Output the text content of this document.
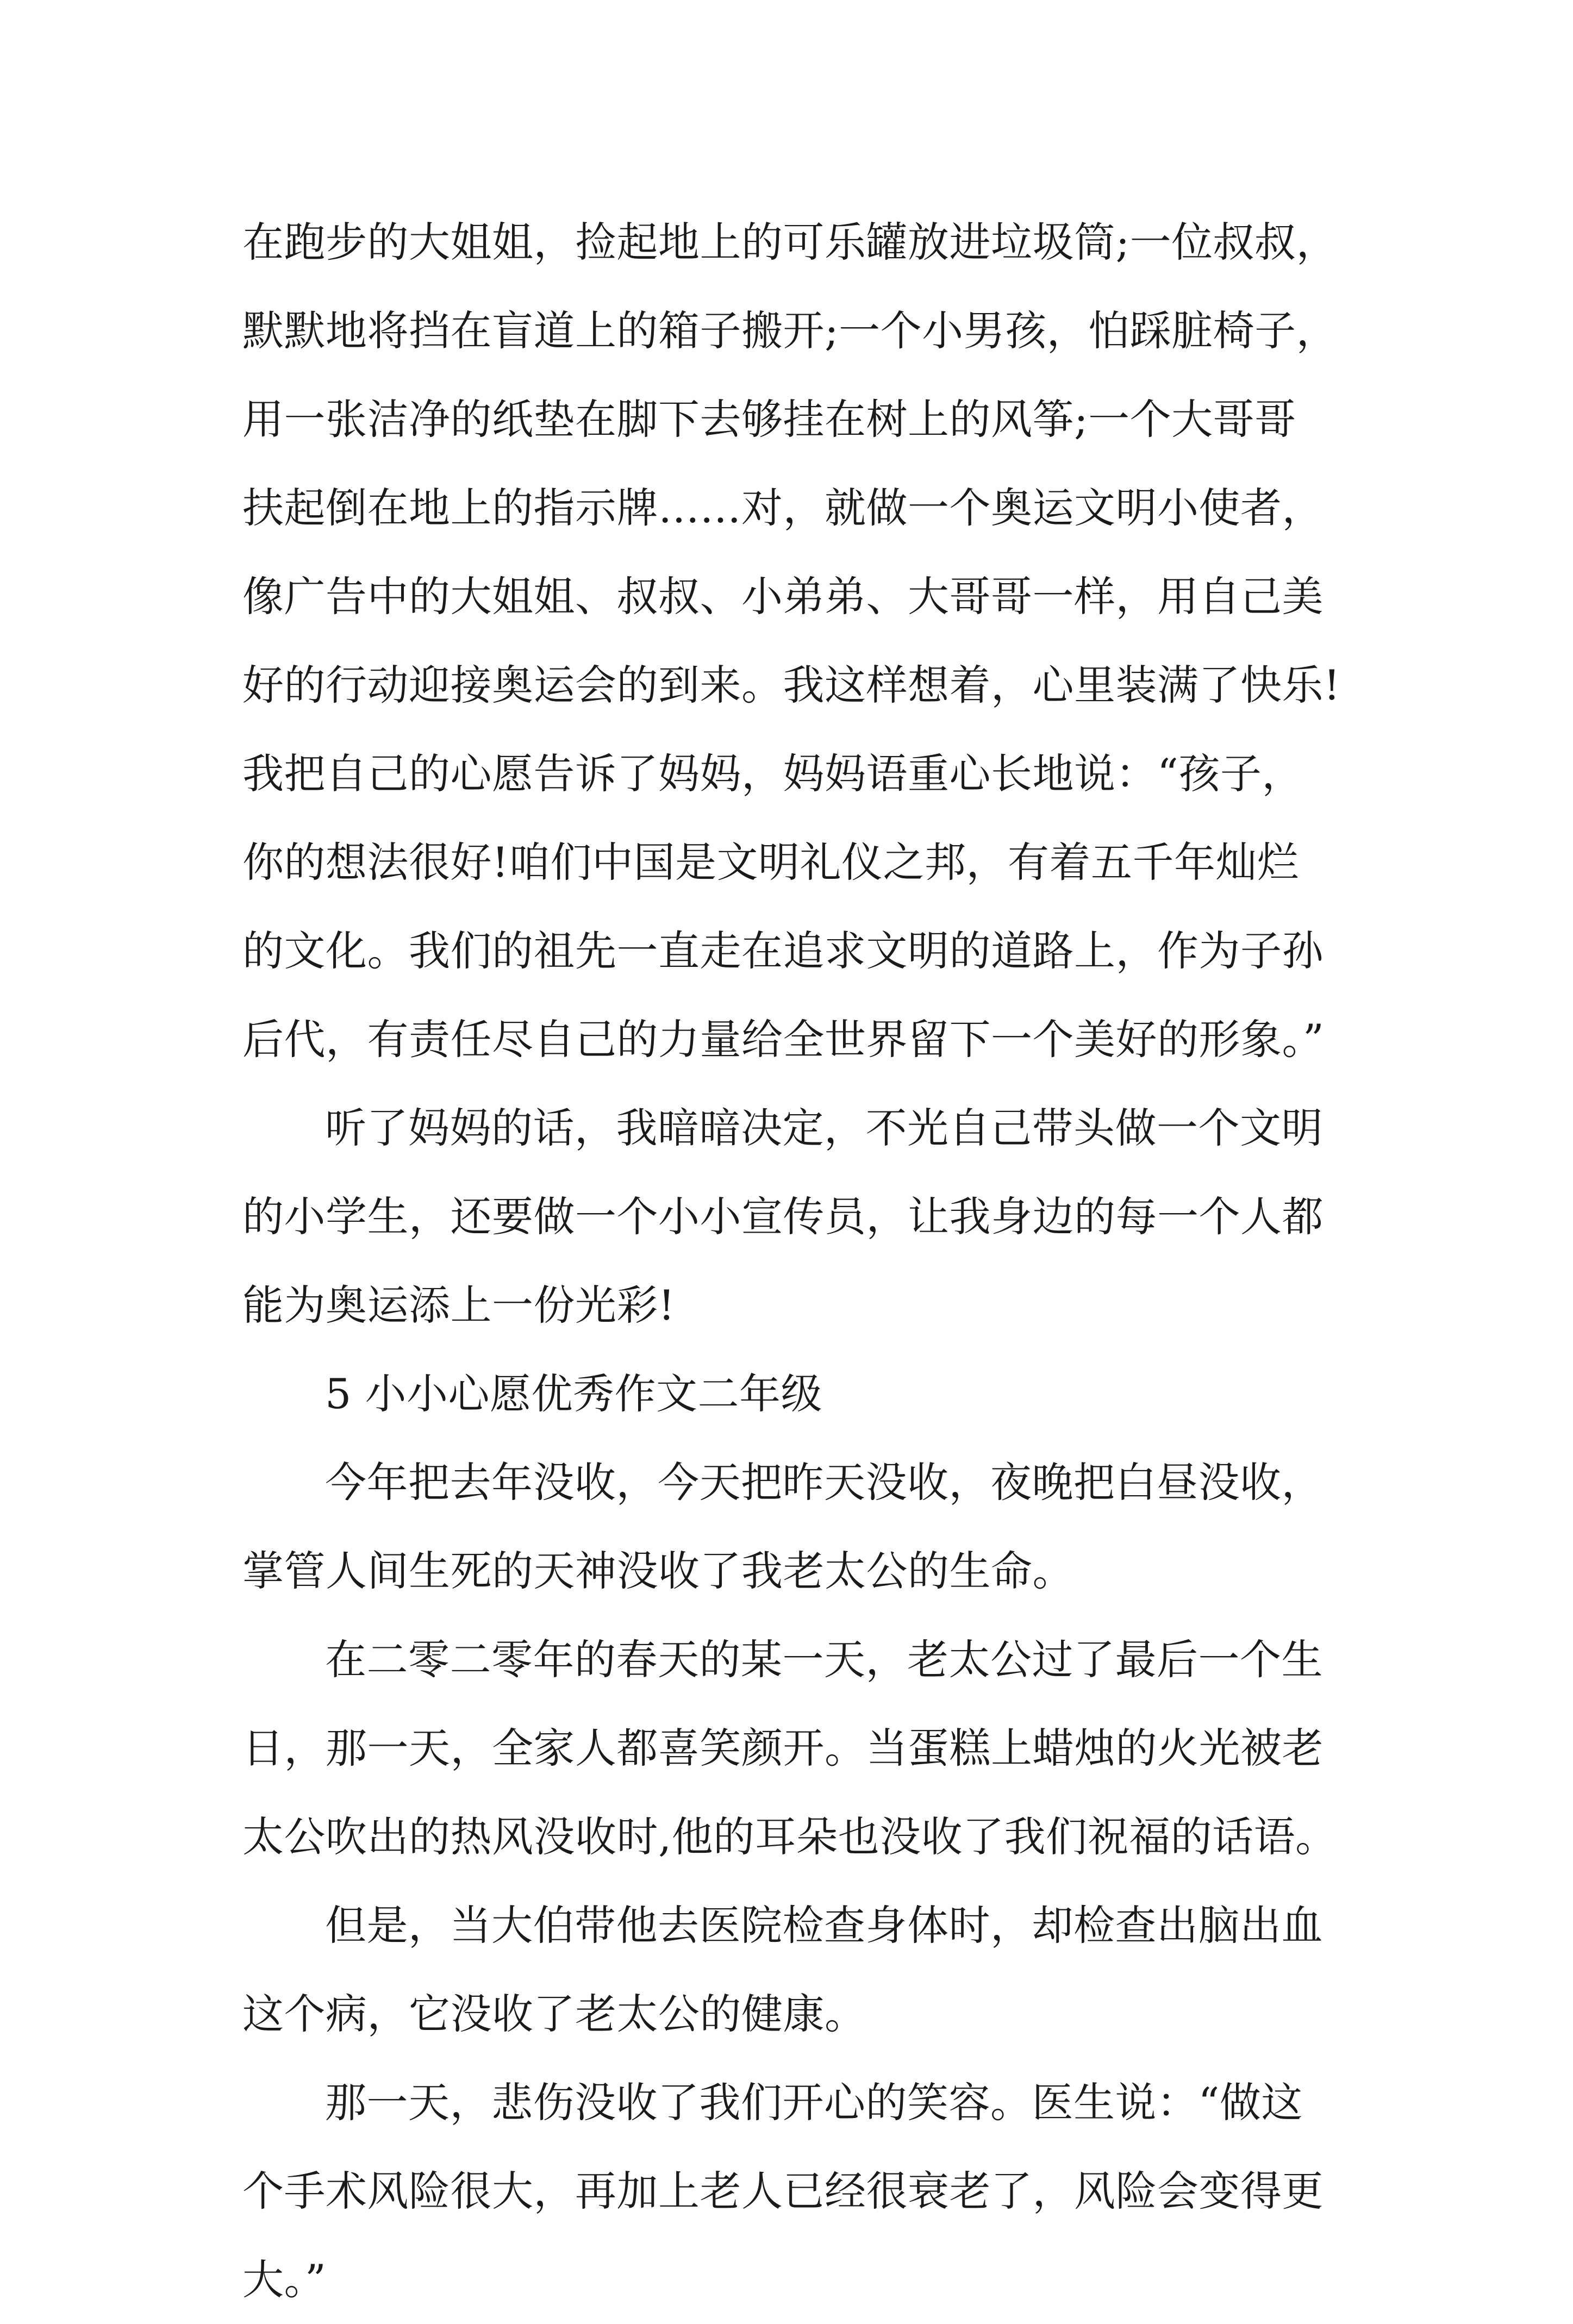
在跑步的大姐姐，捡起地上的可乐罐放进垃圾筒;一位叔叔，
默默地将挡在盲道上的箱子搬开;一个小男孩，怕踩脏椅子，
用一张洁净的纸垫在脚下去够挂在树上的风筝;一个大哥哥
扶起倒在地上的指示牌……对，就做一个奥运文明小使者，
像广告中的大姐姐、叔叔、小弟弟、大哥哥一样，用自己美
好的行动迎接奥运会的到来。我这样想着，心里装满了快乐!
我把自己的心愿告诉了妈妈，妈妈语重心长地说：“孩子，
你的想法很好!咱们中国是文明礼仪之邦，有着五千年灿烂
的文化。我们的祖先一直走在追求文明的道路上，作为子孙
后代，有责任尽自己的力量给全世界留下一个美好的形象。”
听了妈妈的话，我暗暗决定，不光自己带头做一个文明
的小学生，还要做一个小小宣传员，让我身边的每一个人都
能为奥运添上一份光彩!
5 小小心愿优秀作文二年级
今年把去年没收，今天把昨天没收，夜晚把白昼没收，
掌管人间生死的天神没收了我老太公的生命。
在二零二零年的春天的某一天，老太公过了最后一个生
日，那一天，全家人都喜笑颜开。当蛋糕上蜡烛的火光被老
太公吹出的热风没收时,他的耳朵也没收了我们祝福的话语。
但是，当大伯带他去医院检查身体时，却检查出脑出血
这个病，它没收了老太公的健康。
那一天，悲伤没收了我们开心的笑容。医生说：“做这
个手术风险很大，再加上老人已经很衰老了，风险会变得更
大。”
